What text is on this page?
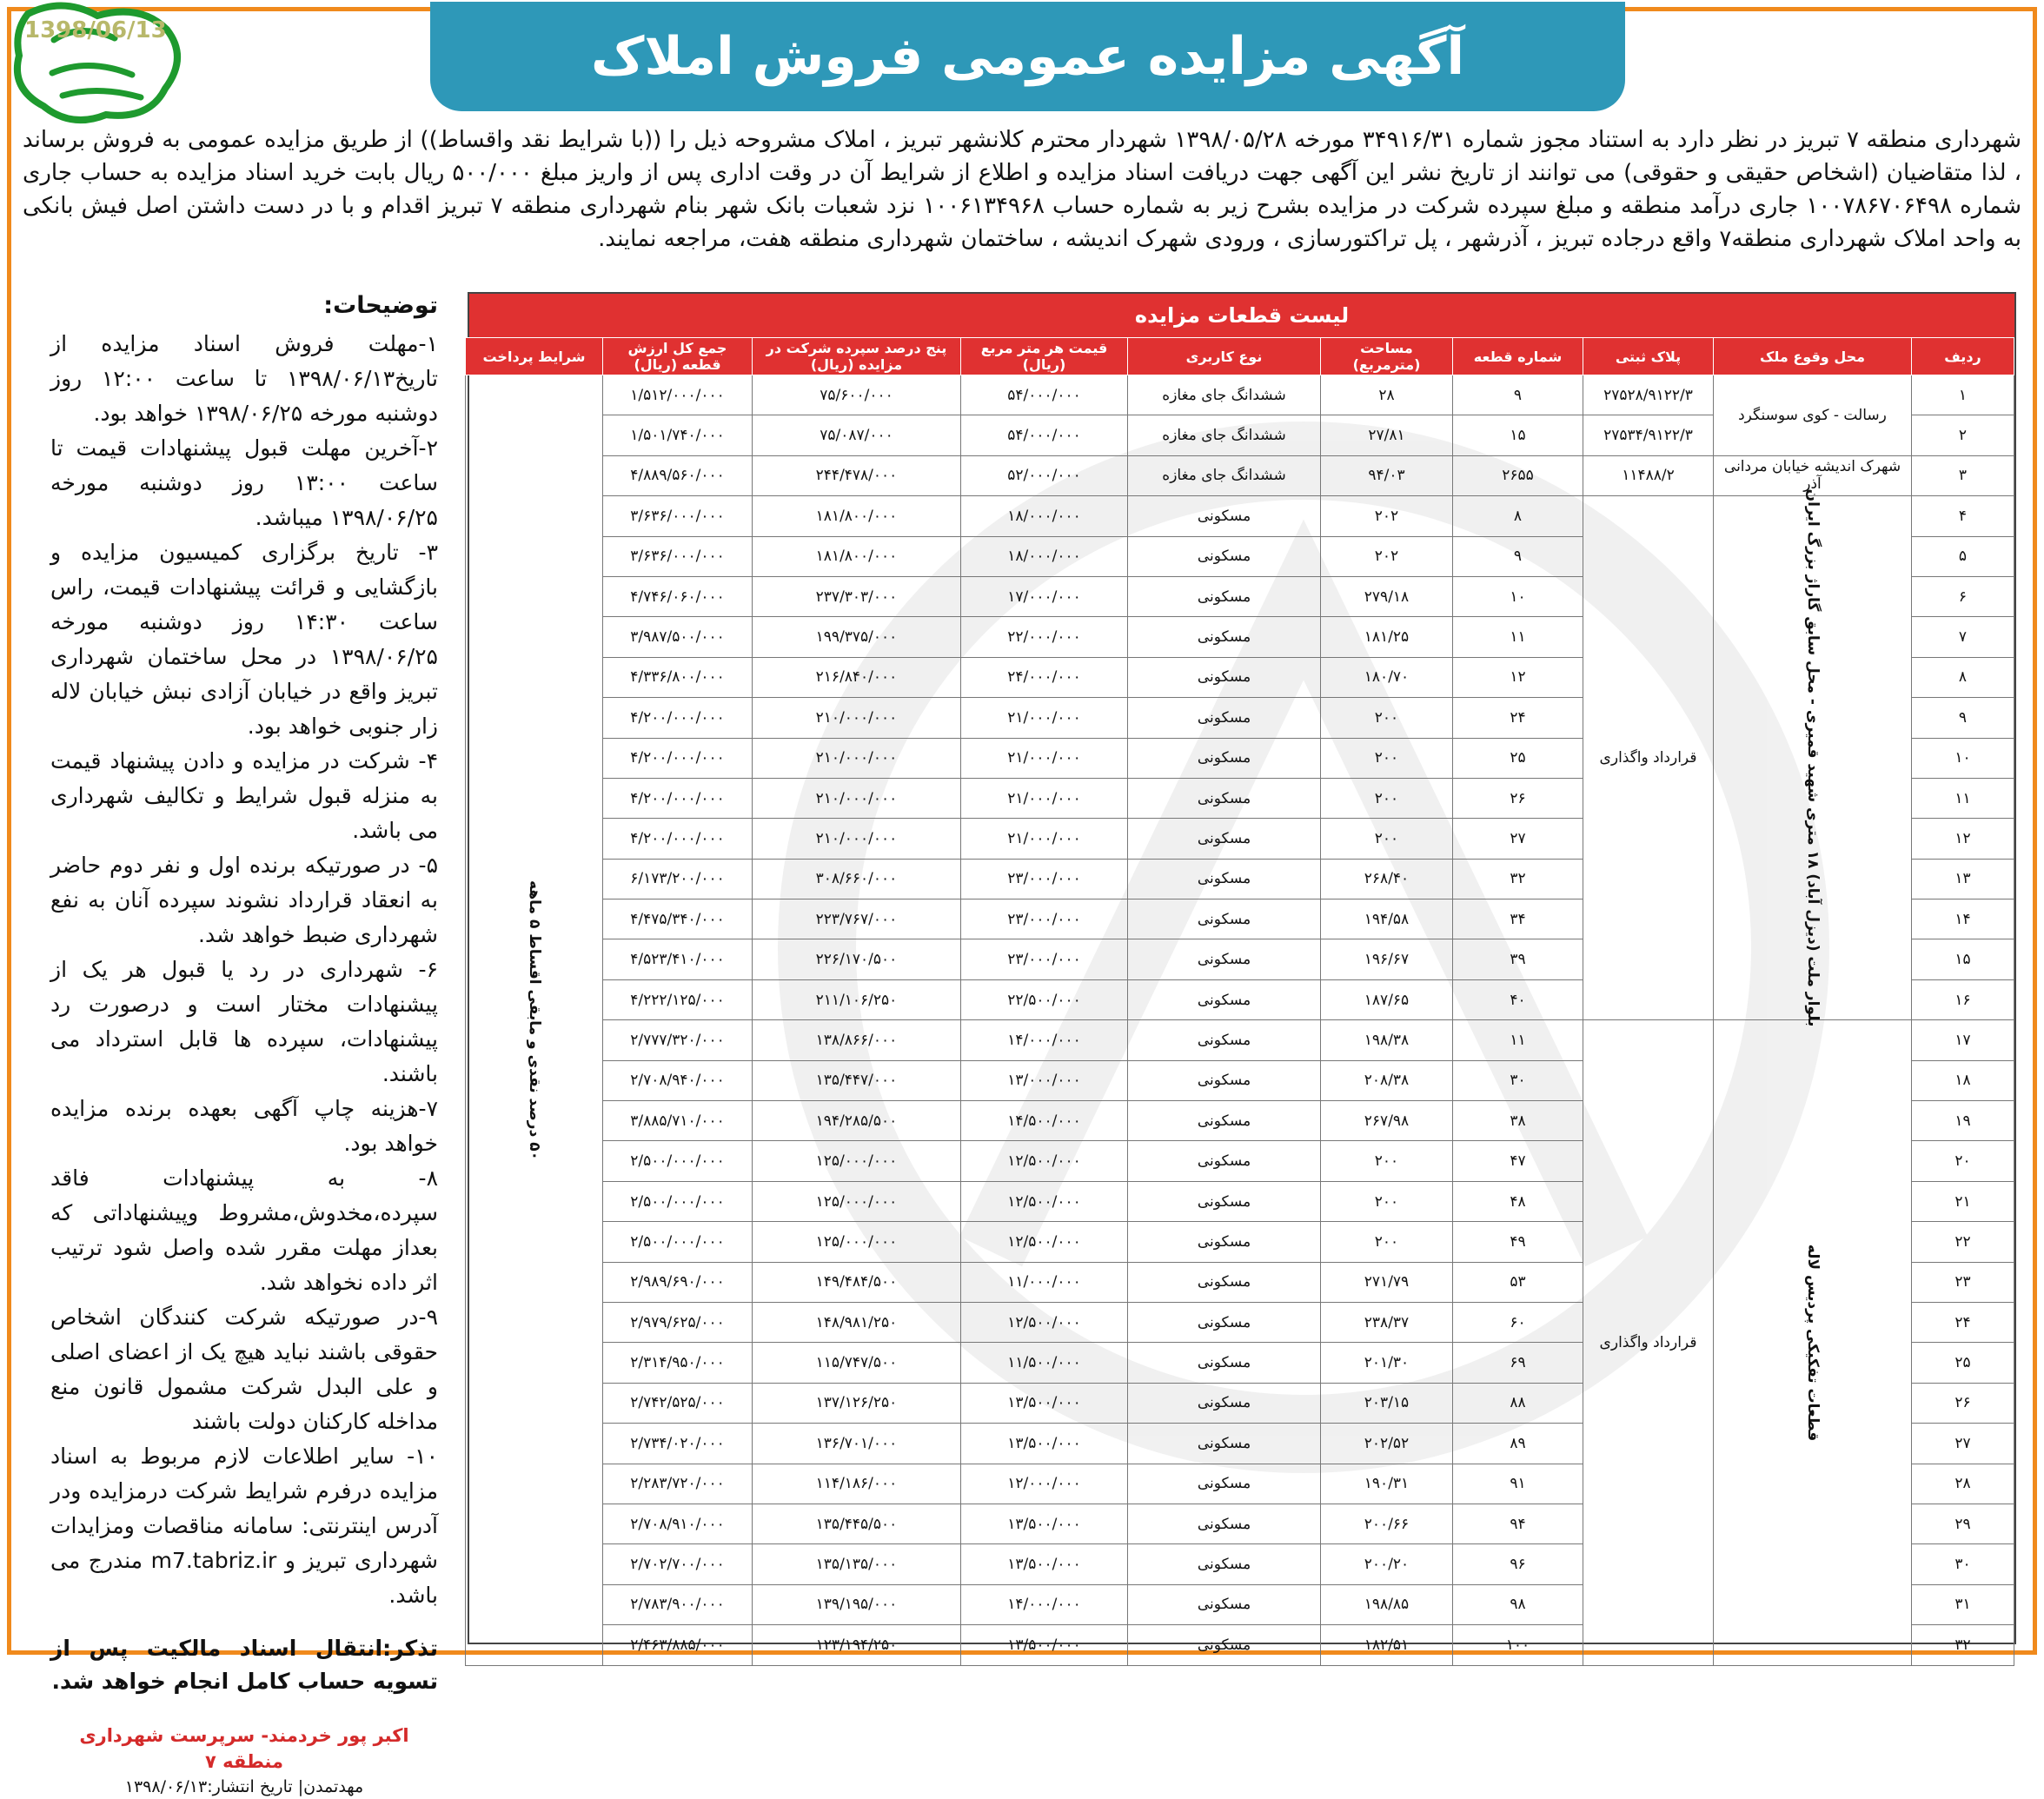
1398/06/13	آگهی مزایده عمومی فروش املاک
شهرداری منطقه ۷ تبریز در نظر دارد به استناد مجوز شماره ۳۴۹۱۶/۳۱ مورخه ۱۳۹۸/۰۵/۲۸ شهردار محترم کلانشهر تبریز ، املاک مشروحه ذیل را ((با شرایط نقد واقساط)) از طریق مزایده عمومی به فروش برساند ، لذا متقاضیان (اشخاص حقیقی و حقوقی) می توانند از تاریخ نشر این آگهی جهت دریافت اسناد مزایده و اطلاع از شرایط آن در وقت اداری پس از واریز مبلغ ۵۰۰/۰۰۰ ریال بابت خرید اسناد مزایده به حساب جاری شماره ۱۰۰۷۸۶۷۰۶۴۹۸ جاری درآمد منطقه و مبلغ سپرده شرکت در مزایده بشرح زیر به شماره حساب ۱۰۰۶۱۳۴۹۶۸ نزد شعبات بانک شهر بنام شهرداری منطقه ۷ تبریز اقدام و با در دست داشتن اصل فیش بانکی به واحد املاک شهرداری منطقه۷ واقع درجاده تبریز ، آذرشهر ، پل تراکتورسازی ، ورودی شهرک اندیشه ، ساختمان شهرداری منطقه هفت، مراجعه نمایند.
توضیحات:

۱-مهلت فروش اسناد مزایده از تاریخ۱۳۹۸/۰۶/۱۳ تا ساعت ۱۲:۰۰ روز دوشنبه مورخه ۱۳۹۸/۰۶/۲۵ خواهد بود.

۲-آخرین مهلت قبول پیشنهادات قیمت تا ساعت ۱۳:۰۰ روز دوشنبه مورخه ۱۳۹۸/۰۶/۲۵ میباشد.

۳- تاریخ برگزاری کمیسیون مزایده و بازگشایی و قرائت پیشنهادات قیمت، راس ساعت ۱۴:۳۰ روز دوشنبه مورخه ۱۳۹۸/۰۶/۲۵ در محل ساختمان شهرداری تبریز واقع در خیابان آزادی نبش خیابان لاله زار جنوبی خواهد بود.

۴- شرکت در مزایده و دادن پیشنهاد قیمت به منزله قبول شرایط و تکالیف شهرداری می باشد.

۵- در صورتیکه برنده اول و نفر دوم حاضر به انعقاد قرارداد نشوند سپرده آنان به نفع شهرداری ضبط خواهد شد.

۶- شهرداری در رد یا قبول هر یک از پیشنهادات مختار است و درصورت رد پیشنهادات، سپرده ها قابل استرداد می باشند.

۷-هزینه چاپ آگهی بعهده برنده مزایده خواهد بود.

۸- به پیشنهادات فاقد سپرده،مخدوش،مشروط وپیشنهاداتی که بعداز مهلت مقرر شده واصل شود ترتیب اثر داده نخواهد شد.

۹-در صورتیکه شرکت کنندگان اشخاص حقوقی باشند نباید هیچ یک از اعضای اصلی و علی البدل شرکت مشمول قانون منع مداخله کارکنان دولت باشند

۱۰- سایر اطلاعات لازم مربوط به اسناد مزایده درفرم شرایط شرکت درمزایده ودر آدرس اینترنتی: سامانه مناقصات ومزایدات شهرداری تبریز و m7.tabriz.ir مندرج می باشد.

تذکر:انتقال اسناد مالکیت پس از تسویه حساب کامل انجام خواهد شد.
اکبر پور خردمند- سرپرست شهرداری منطقه ۷
مهدتمدن| تاریخ انتشار:۱۳۹۸/۰۶/۱۳
لیست قطعات مزایده
ردیف	محل وقوع ملک	پلاک ثبتی	شماره قطعه	مساحت (مترمربع)	نوع کاربری	قیمت هر متر مربع (ریال)	پنج درصد سپرده شرکت در مزایده (ریال)	جمع کل ارزش قطعه (ریال)	شرایط پرداخت
۱	رسالت - کوی سوسنگرد	۲۷۵۲۸/۹۱۲۲/۳	۹	۲۸	ششدانگ جای مغازه	۵۴/۰۰۰/۰۰۰	۷۵/۶۰۰/۰۰۰	۱/۵۱۲/۰۰۰/۰۰۰	۵۰ درصد نقدی و مابقی اقساط ۵ ماهه

۲		۲۷۵۳۴/۹۱۲۲/۳	۱۵	۲۷/۸۱	ششدانگ جای مغازه	۵۴/۰۰۰/۰۰۰	۷۵/۰۸۷/۰۰۰	۱/۵۰۱/۷۴۰/۰۰۰	
۳	شهرک اندیشه خیابان مردانی آذر	۱۱۴۸۸/۲	۲۶۵۵	۹۴/۰۳	ششدانگ جای مغازه	۵۲/۰۰۰/۰۰۰	۲۴۴/۴۷۸/۰۰۰	۴/۸۸۹/۵۶۰/۰۰۰	
۴	بلوار ملت (دیزل آباد) ۱۸ متری شهید قمیری - محل سابق گاراژ بزرگ ایران	قرارداد واگذاری	۸	۲۰۲	مسکونی	۱۸/۰۰۰/۰۰۰	۱۸۱/۸۰۰/۰۰۰	۳/۶۳۶/۰۰۰/۰۰۰	
۵			۹	۲۰۲	مسکونی	۱۸/۰۰۰/۰۰۰	۱۸۱/۸۰۰/۰۰۰	۳/۶۳۶/۰۰۰/۰۰۰	
۶			۱۰	۲۷۹/۱۸	مسکونی	۱۷/۰۰۰/۰۰۰	۲۳۷/۳۰۳/۰۰۰	۴/۷۴۶/۰۶۰/۰۰۰	
۷			۱۱	۱۸۱/۲۵	مسکونی	۲۲/۰۰۰/۰۰۰	۱۹۹/۳۷۵/۰۰۰	۳/۹۸۷/۵۰۰/۰۰۰	
۸			۱۲	۱۸۰/۷۰	مسکونی	۲۴/۰۰۰/۰۰۰	۲۱۶/۸۴۰/۰۰۰	۴/۳۳۶/۸۰۰/۰۰۰	
۹			۲۴	۲۰۰	مسکونی	۲۱/۰۰۰/۰۰۰	۲۱۰/۰۰۰/۰۰۰	۴/۲۰۰/۰۰۰/۰۰۰	
۱۰			۲۵	۲۰۰	مسکونی	۲۱/۰۰۰/۰۰۰	۲۱۰/۰۰۰/۰۰۰	۴/۲۰۰/۰۰۰/۰۰۰	
۱۱			۲۶	۲۰۰	مسکونی	۲۱/۰۰۰/۰۰۰	۲۱۰/۰۰۰/۰۰۰	۴/۲۰۰/۰۰۰/۰۰۰	
۱۲			۲۷	۲۰۰	مسکونی	۲۱/۰۰۰/۰۰۰	۲۱۰/۰۰۰/۰۰۰	۴/۲۰۰/۰۰۰/۰۰۰	
۱۳			۳۲	۲۶۸/۴۰	مسکونی	۲۳/۰۰۰/۰۰۰	۳۰۸/۶۶۰/۰۰۰	۶/۱۷۳/۲۰۰/۰۰۰	
۱۴			۳۴	۱۹۴/۵۸	مسکونی	۲۳/۰۰۰/۰۰۰	۲۲۳/۷۶۷/۰۰۰	۴/۴۷۵/۳۴۰/۰۰۰	
۱۵			۳۹	۱۹۶/۶۷	مسکونی	۲۳/۰۰۰/۰۰۰	۲۲۶/۱۷۰/۵۰۰	۴/۵۲۳/۴۱۰/۰۰۰	
۱۶			۴۰	۱۸۷/۶۵	مسکونی	۲۲/۵۰۰/۰۰۰	۲۱۱/۱۰۶/۲۵۰	۴/۲۲۲/۱۲۵/۰۰۰	
۱۷	قطعات تفکیکی پردیس لاله	قرارداد واگذاری	۱۱	۱۹۸/۳۸	مسکونی	۱۴/۰۰۰/۰۰۰	۱۳۸/۸۶۶/۰۰۰	۲/۷۷۷/۳۲۰/۰۰۰	
۱۸			۳۰	۲۰۸/۳۸	مسکونی	۱۳/۰۰۰/۰۰۰	۱۳۵/۴۴۷/۰۰۰	۲/۷۰۸/۹۴۰/۰۰۰	
۱۹			۳۸	۲۶۷/۹۸	مسکونی	۱۴/۵۰۰/۰۰۰	۱۹۴/۲۸۵/۵۰۰	۳/۸۸۵/۷۱۰/۰۰۰	
۲۰			۴۷	۲۰۰	مسکونی	۱۲/۵۰۰/۰۰۰	۱۲۵/۰۰۰/۰۰۰	۲/۵۰۰/۰۰۰/۰۰۰	
۲۱			۴۸	۲۰۰	مسکونی	۱۲/۵۰۰/۰۰۰	۱۲۵/۰۰۰/۰۰۰	۲/۵۰۰/۰۰۰/۰۰۰	
۲۲			۴۹	۲۰۰	مسکونی	۱۲/۵۰۰/۰۰۰	۱۲۵/۰۰۰/۰۰۰	۲/۵۰۰/۰۰۰/۰۰۰	
۲۳			۵۳	۲۷۱/۷۹	مسکونی	۱۱/۰۰۰/۰۰۰	۱۴۹/۴۸۴/۵۰۰	۲/۹۸۹/۶۹۰/۰۰۰	
۲۴			۶۰	۲۳۸/۳۷	مسکونی	۱۲/۵۰۰/۰۰۰	۱۴۸/۹۸۱/۲۵۰	۲/۹۷۹/۶۲۵/۰۰۰	
۲۵			۶۹	۲۰۱/۳۰	مسکونی	۱۱/۵۰۰/۰۰۰	۱۱۵/۷۴۷/۵۰۰	۲/۳۱۴/۹۵۰/۰۰۰	
۲۶			۸۸	۲۰۳/۱۵	مسکونی	۱۳/۵۰۰/۰۰۰	۱۳۷/۱۲۶/۲۵۰	۲/۷۴۲/۵۲۵/۰۰۰	
۲۷			۸۹	۲۰۲/۵۲	مسکونی	۱۳/۵۰۰/۰۰۰	۱۳۶/۷۰۱/۰۰۰	۲/۷۳۴/۰۲۰/۰۰۰	
۲۸			۹۱	۱۹۰/۳۱	مسکونی	۱۲/۰۰۰/۰۰۰	۱۱۴/۱۸۶/۰۰۰	۲/۲۸۳/۷۲۰/۰۰۰	
۲۹			۹۴	۲۰۰/۶۶	مسکونی	۱۳/۵۰۰/۰۰۰	۱۳۵/۴۴۵/۵۰۰	۲/۷۰۸/۹۱۰/۰۰۰	
۳۰			۹۶	۲۰۰/۲۰	مسکونی	۱۳/۵۰۰/۰۰۰	۱۳۵/۱۳۵/۰۰۰	۲/۷۰۲/۷۰۰/۰۰۰	
۳۱			۹۸	۱۹۸/۸۵	مسکونی	۱۴/۰۰۰/۰۰۰	۱۳۹/۱۹۵/۰۰۰	۲/۷۸۳/۹۰۰/۰۰۰	
۳۲			۱۰۰	۱۸۲/۵۱	مسکونی	۱۳/۵۰۰/۰۰۰	۱۲۳/۱۹۴/۲۵۰	۲/۴۶۳/۸۸۵/۰۰۰	
